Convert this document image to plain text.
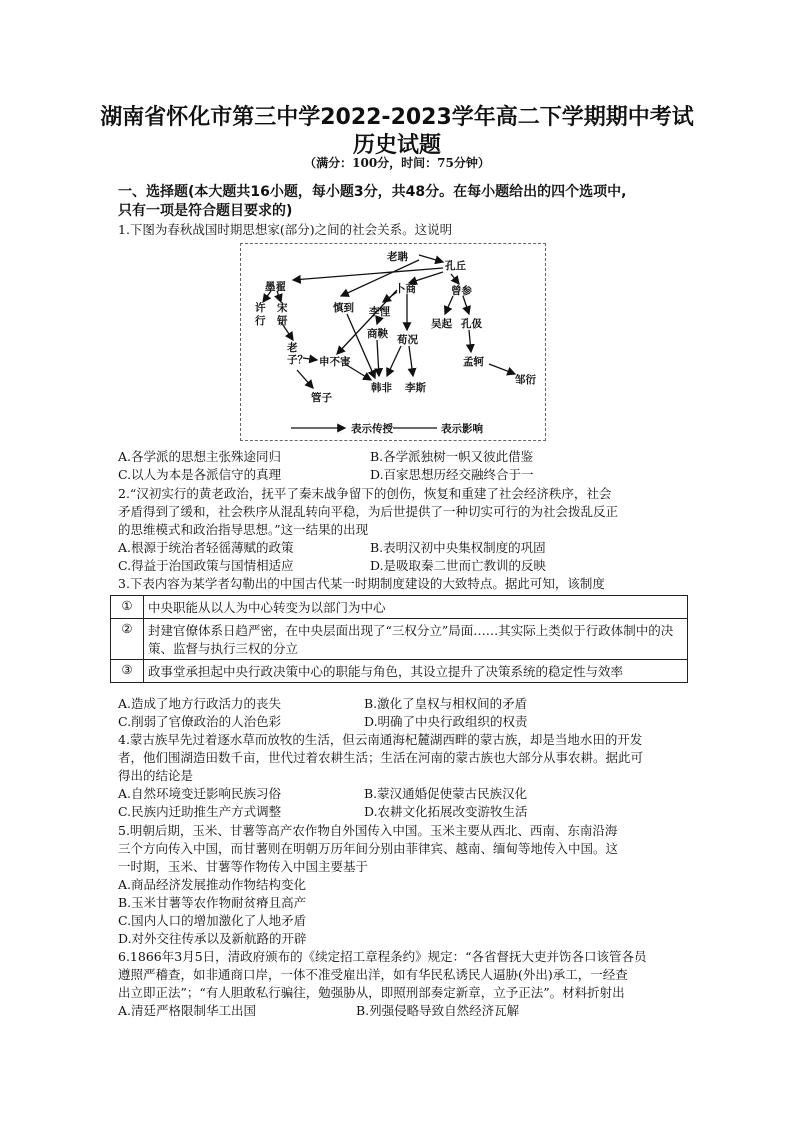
湖南省怀化市第三中学2022-2023学年高二下学期期中考试
历史试题
（满分：100分，时间：75分钟）
一、选择题(本大题共16小题，每小题3分，共48分。在每小题给出的四个选项中,
只有一项是符合题目要求的)
1.下图为春秋战国时期思想家(部分)之间的社会关系。这说明
老聃
孔丘
墨翟	卜商	曾参
许行
宋钘
慎到 李悝
吴起 孔伋
商鞅 荀况
老子？ 申不害	孟轲
邹衍
韩非 李斯
管子
表示传授	表示影响
A.各学派的思想主张殊途同归	B.各学派独树一帜又彼此借鉴
C.以人为本是各派信守的真理	D.百家思想历经交融终合于一
2.“汉初实行的黄老政治，抚平了秦末战争留下的创伤，恢复和重建了社会经济秩序，社会
矛盾得到了缓和，社会秩序从混乱转向平稳，为后世提供了一种切实可行的为社会拨乱反正
的思维模式和政治指导思想。”这一结果的出现
A.根源于统治者轻徭薄赋的政策	B.表明汉初中央集权制度的巩固
C.得益于治国政策与国情相适应	D.是吸取秦二世而亡教训的反映
3.下表内容为某学者勾勒出的中国古代某一时期制度建设的大致特点。据此可知，该制度
①	中央职能从以人为中心转变为以部门为中心
②	封建官僚体系日趋严密，在中央层面出现了“三权分立”局面……其实际上类似于行政体制中的决策、监督与执行三权的分立
③	政事堂承担起中央行政决策中心的职能与角色，其设立提升了决策系统的稳定性与效率
A.造成了地方行政活力的丧失	B.激化了皇权与相权间的矛盾
C.削弱了官僚政治的人治色彩	D.明确了中央行政组织的权责
4.蒙古族早先过着逐水草而放牧的生活，但云南通海杞麓湖西畔的蒙古族，却是当地水田的开发
者，他们围湖造田数千亩，世代过着农耕生活；生活在河南的蒙古族也大部分从事农耕。据此可
得出的结论是
A.自然环境变迁影响民族习俗	B.蒙汉通婚促使蒙古民族汉化
C.民族内迁助推生产方式调整	D.农耕文化拓展改变游牧生活
5.明朝后期，玉米、甘薯等高产农作物自外国传入中国。玉米主要从西北、西南、东南沿海
三个方向传入中国，而甘薯则在明朝万历年间分别由菲律宾、越南、缅甸等地传入中国。这
一时期，玉米、甘薯等作物传入中国主要基于
A.商品经济发展推动作物结构变化
B.玉米甘薯等农作物耐贫瘠且高产
C.国内人口的增加激化了人地矛盾
D.对外交往传承以及新航路的开辟
6.1866年3月5日，清政府颁布的《续定招工章程条约》规定：“各省督抚大吏并饬各口该管各员
遵照严稽查，如非通商口岸，一体不准受雇出洋，如有华民私诱民人逼胁(外出)承工，一经查
出立即正法”；“有人胆敢私行骗往，勉强胁从，即照刑部奏定新章，立予正法”。材料折射出
A.清廷严格限制华工出国	B.列强侵略导致自然经济瓦解
